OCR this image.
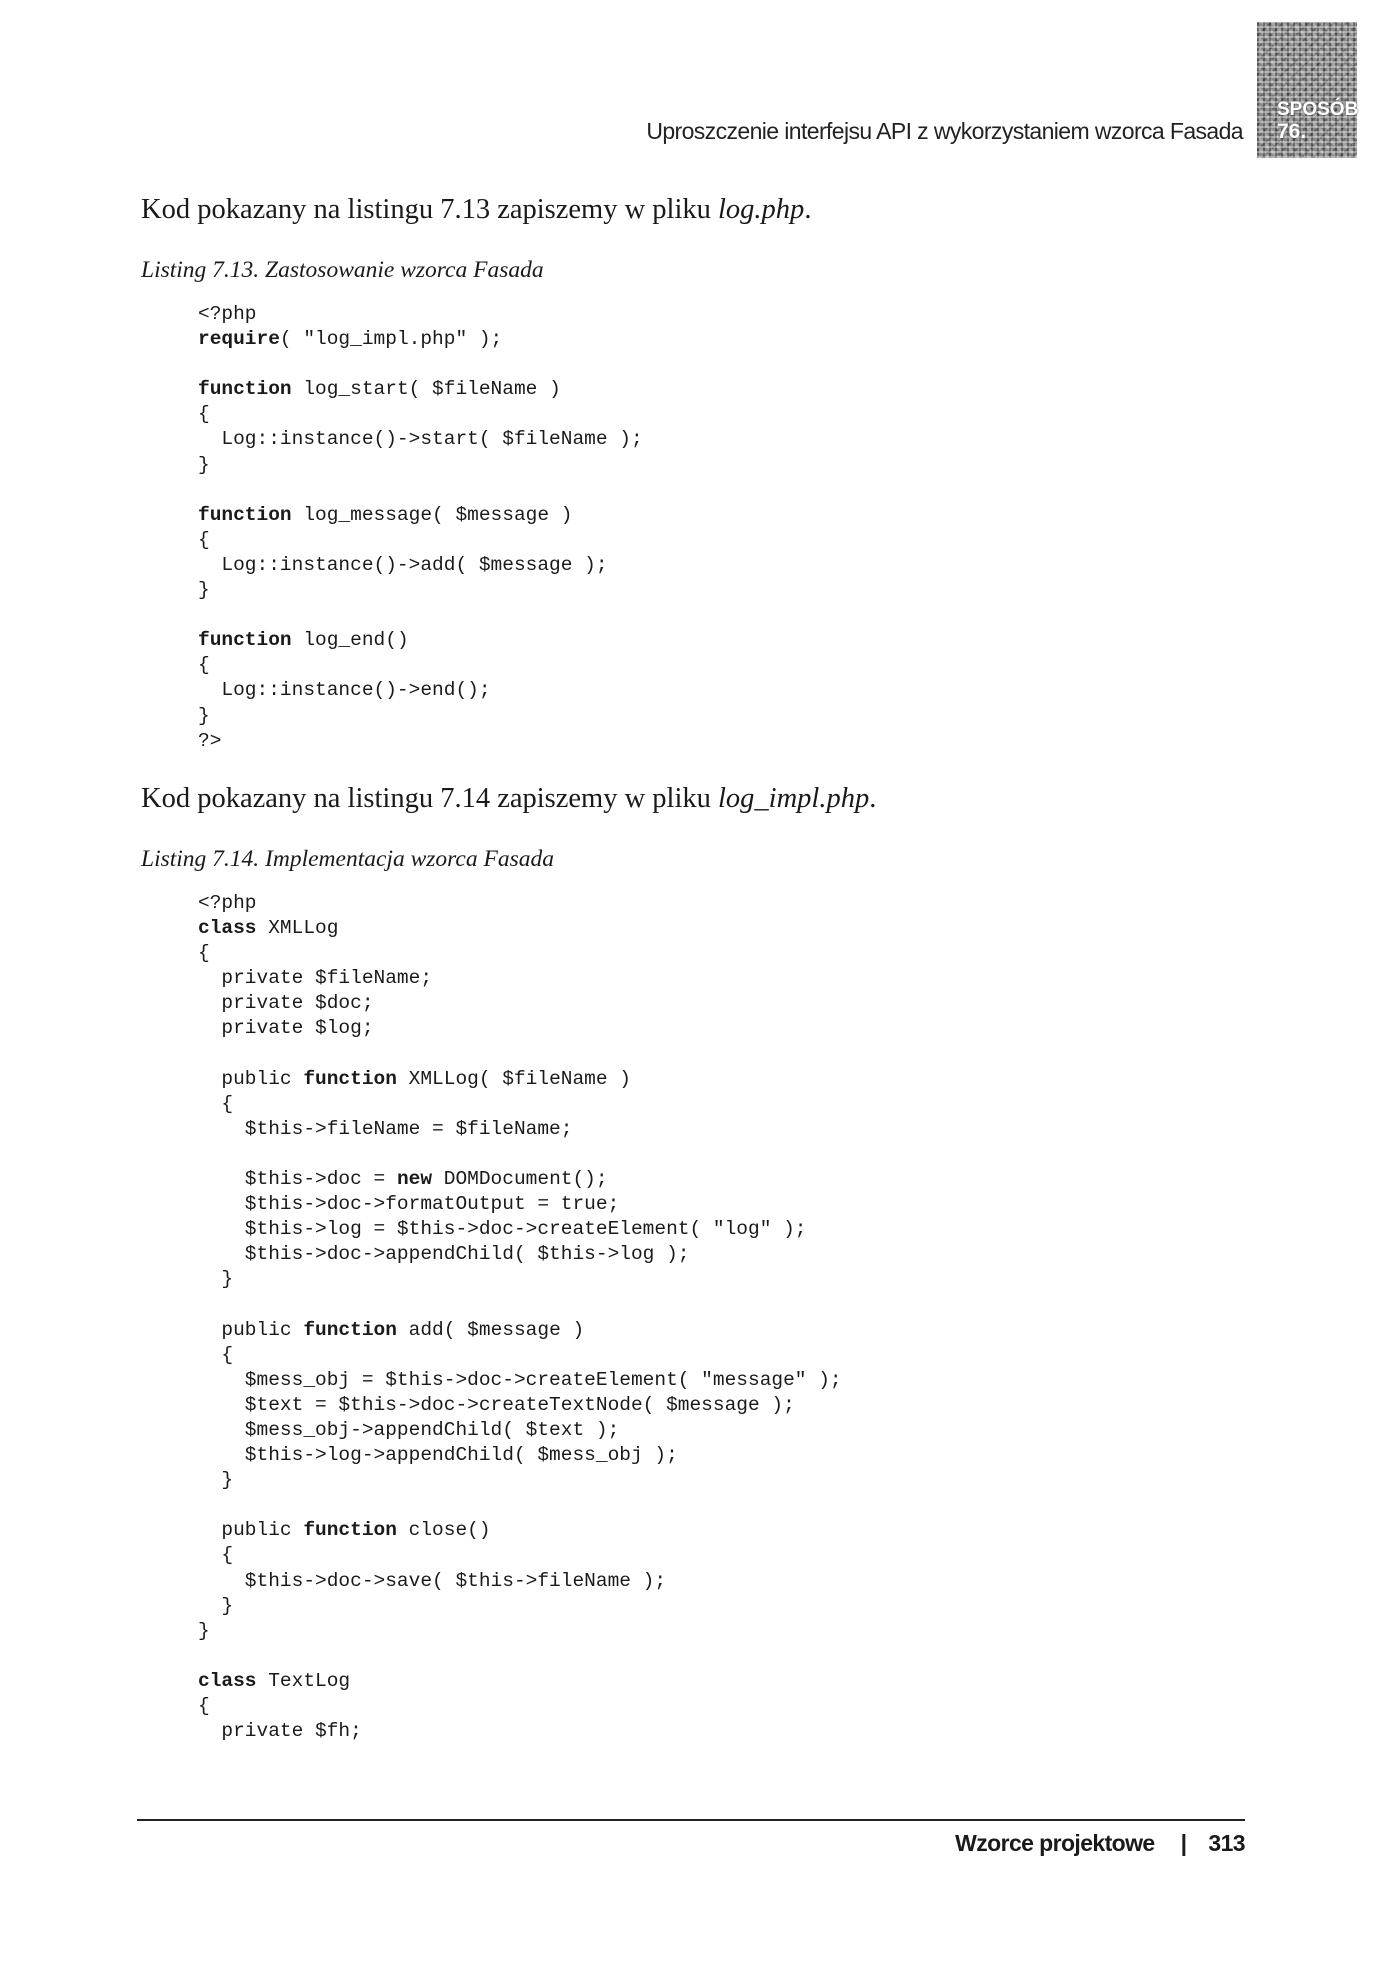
Uproszczenie interfejsu API z wykorzystaniem wzorca Fasada
SPOSÓB
76.
Kod pokazany na listingu 7.13 zapiszemy w pliku log.php.
Listing 7.13. Zastosowanie wzorca Fasada
<?php
require( "log_impl.php" );
function log_start( $fileName )
{
Log::instance()->start( $fileName );
}
function log_message( $message )
{
Log::instance()->add( $message );
}
function log_end()
{
Log::instance()->end();
}
?>
Kod pokazany na listingu 7.14 zapiszemy w pliku log_impl.php.
Listing 7.14. Implementacja wzorca Fasada
<?php
class XMLLog
{
private $fileName;
private $doc;
private $log;
public function XMLLog( $fileName )
{
$this->fileName = $fileName;
$this->doc = new DOMDocument();
$this->doc->formatOutput = true;
$this->log = $this->doc->createElement( "log" );
$this->doc->appendChild( $this->log );
}
public function add( $message )
{
$mess_obj = $this->doc->createElement( "message" );
$text = $this->doc->createTextNode( $message );
$mess_obj->appendChild( $text );
$this->log->appendChild( $mess_obj );
}
public function close()
{
$this->doc->save( $this->fileName );
}
}
class TextLog
{
private $fh;
Wzorce projektowe | 313
